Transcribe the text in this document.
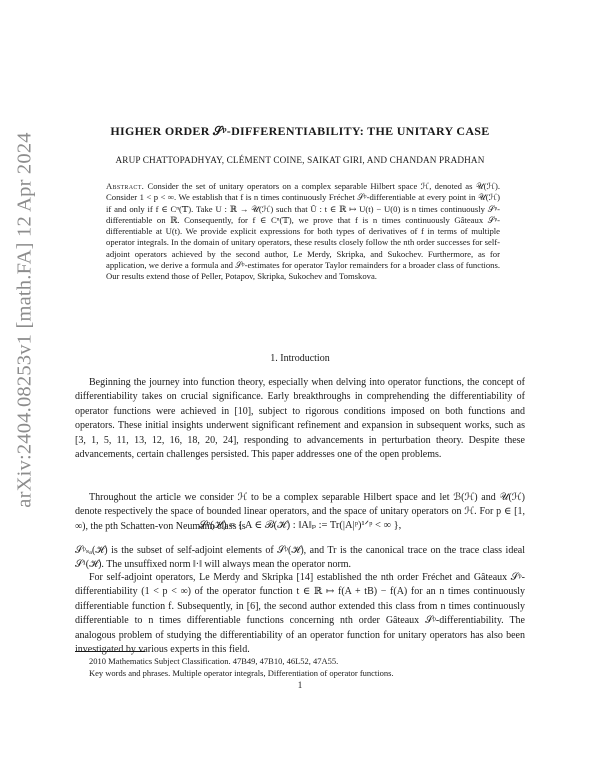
arXiv:2404.08253v1 [math.FA] 12 Apr 2024
HIGHER ORDER 𝒮ᵖ-DIFFERENTIABILITY: THE UNITARY CASE
ARUP CHATTOPADHYAY, CLÉMENT COINE, SAIKAT GIRI, AND CHANDAN PRADHAN

Abstract. Consider the set of unitary operators on a complex separable Hilbert space ℋ, denoted as 𝒰(ℋ). Consider 1 < p < ∞. We establish that f is n times continuously Fréchet 𝒮ᵖ-differentiable at every point in 𝒰(ℋ) if and only if f ∈ Cⁿ(𝕋). Take U : ℝ → 𝒰(ℋ) such that Ũ : t ∈ ℝ ↦ U(t) − U(0) is n times continuously 𝒮ᵖ-differentiable on ℝ. Consequently, for f ∈ Cⁿ(𝕋), we prove that f is n times continuously Gâteaux 𝒮ᵖ-differentiable at U(t). We provide explicit expressions for both types of derivatives of f in terms of multiple operator integrals. In the domain of unitary operators, these results closely follow the nth order successes for self-adjoint operators achieved by the second author, Le Merdy, Skripka, and Sukochev. Furthermore, as for application, we derive a formula and 𝒮ᵖ-estimates for operator Taylor remainders for a broader class of functions. Our results extend those of Peller, Potapov, Skripka, Sukochev and Tomskova.

1. Introduction

Beginning the journey into function theory, especially when delving into operator functions, the concept of differentiability takes on crucial significance. Early breakthroughs in comprehending the differentiability of operator functions were achieved in [10], subject to rigorous conditions imposed on both functions and operators. These initial insights underwent significant refinement and expansion in subsequent works, such as [3, 1, 5, 11, 13, 12, 16, 18, 20, 24], responding to advancements in perturbation theory. Despite these advancements, certain challenges persisted. This paper addresses one of the open problems.

Throughout the article we consider ℋ to be a complex separable Hilbert space and let ℬ(ℋ) and 𝒰(ℋ) denote respectively the space of bounded linear operators, and the space of unitary operators on ℋ. For p ∈ [1, ∞), the pth Schatten-von Neumann class is

𝒮ᵖ(ℋ) = { A ∈ ℬ(ℋ) : ‖A‖ₚ := Tr(|A|ᵖ)¹ᐟᵖ < ∞ },

𝒮ᵖₛₐ(ℋ) is the subset of self-adjoint elements of 𝒮ᵖ(ℋ), and Tr is the canonical trace on the trace class ideal 𝒮¹(ℋ). The unsuffixed norm ‖·‖ will always mean the operator norm.

For self-adjoint operators, Le Merdy and Skripka [14] established the nth order Fréchet and Gâteaux 𝒮ᵖ-differentiability (1 < p < ∞) of the operator function t ∈ ℝ ↦ f(A + tB) − f(A) for an n times continuously differentiable function f. Subsequently, in [6], the second author extended this class from n times continuously differentiable to n times differentiable functions concerning nth order Gâteaux 𝒮ᵖ-differentiability. The analogous problem of studying the differentiability of an operator function for unitary operators has also been investigated by various experts in this field.

2010 Mathematics Subject Classification. 47B49, 47B10, 46L52, 47A55.

Key words and phrases. Multiple operator integrals, Differentiation of operator functions.

1
